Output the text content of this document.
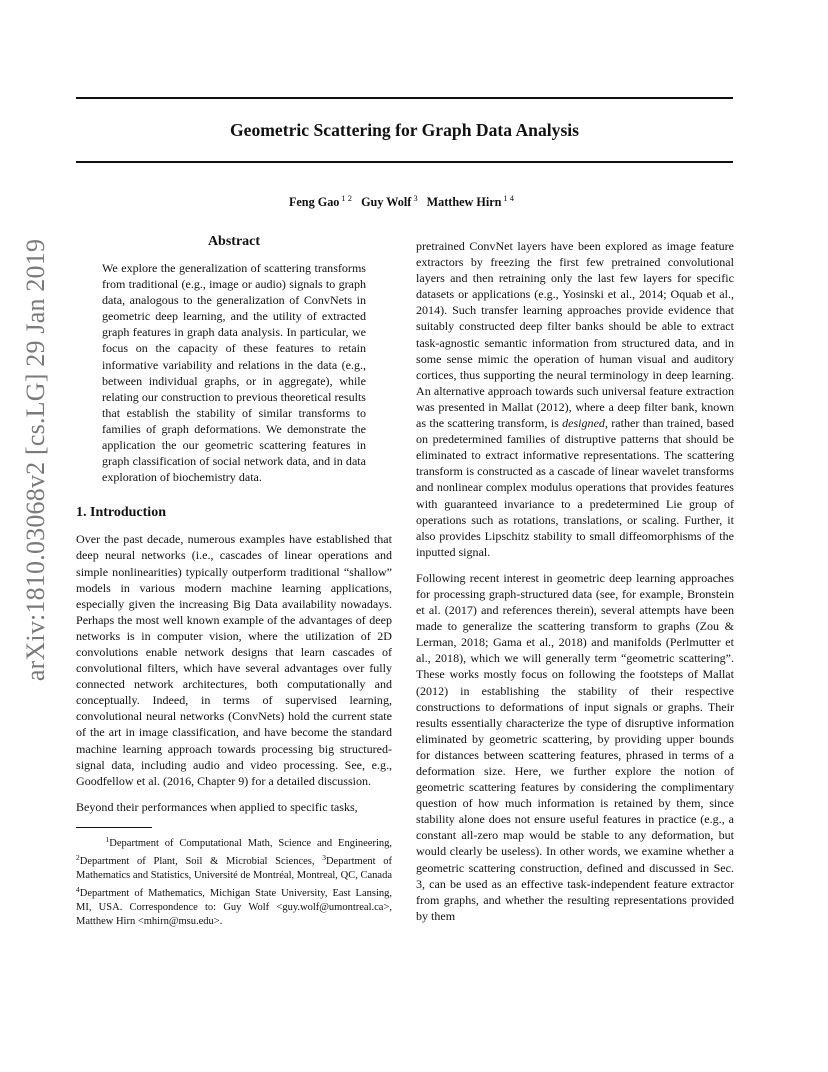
arXiv:1810.03068v2 [cs.LG] 29 Jan 2019
Geometric Scattering for Graph Data Analysis
Feng Gao $^{1 2}$ Guy Wolf $^3$ Matthew Hirn $^{1 4}$
Abstract

We explore the generalization of scattering transforms from traditional (e.g., image or audio) signals to graph data, analogous to the generalization of ConvNets in geometric deep learning, and the utility of extracted graph features in graph data analysis. In particular, we focus on the capacity of these features to retain informative variability and relations in the data (e.g., between individual graphs, or in aggregate), while relating our construction to previous theoretical results that establish the stability of similar transforms to families of graph deformations. We demonstrate the application the our geometric scattering features in graph classification of social network data, and in data exploration of biochemistry data.

1. Introduction

Over the past decade, numerous examples have established that deep neural networks (i.e., cascades of linear operations and simple nonlinearities) typically outperform traditional “shallow” models in various modern machine learning applications, especially given the increasing Big Data availability nowadays. Perhaps the most well known example of the advantages of deep networks is in computer vision, where the utilization of 2D convolutions enable network designs that learn cascades of convolutional filters, which have several advantages over fully connected network architectures, both computationally and conceptually. Indeed, in terms of supervised learning, convolutional neural networks (ConvNets) hold the current state of the art in image classification, and have become the standard machine learning approach towards processing big structured-signal data, including audio and video processing. See, e.g., Goodfellow et al. (2016, Chapter 9) for a detailed discussion.

Beyond their performances when applied to specific tasks,

$^1$Department of Computational Math, Science and Engineering, $^2$Department of Plant, Soil & Microbial Sciences, $^3$Department of Mathematics and Statistics, Université de Montréal, Montreal, QC, Canada $^4$Department of Mathematics, Michigan State University, East Lansing, MI, USA. Correspondence to: Guy Wolf <guy.wolf@umontreal.ca>, Matthew Hirn <mhirn@msu.edu>.

pretrained ConvNet layers have been explored as image feature extractors by freezing the first few pretrained convolutional layers and then retraining only the last few layers for specific datasets or applications (e.g., Yosinski et al., 2014; Oquab et al., 2014). Such transfer learning approaches provide evidence that suitably constructed deep filter banks should be able to extract task-agnostic semantic information from structured data, and in some sense mimic the operation of human visual and auditory cortices, thus supporting the neural terminology in deep learning. An alternative approach towards such universal feature extraction was presented in Mallat (2012), where a deep filter bank, known as the scattering transform, is designed, rather than trained, based on predetermined families of distruptive patterns that should be eliminated to extract informative representations. The scattering transform is constructed as a cascade of linear wavelet transforms and nonlinear complex modulus operations that provides features with guaranteed invariance to a predetermined Lie group of operations such as rotations, translations, or scaling. Further, it also provides Lipschitz stability to small diffeomorphisms of the inputted signal.

Following recent interest in geometric deep learning approaches for processing graph-structured data (see, for example, Bronstein et al. (2017) and references therein), several attempts have been made to generalize the scattering transform to graphs (Zou & Lerman, 2018; Gama et al., 2018) and manifolds (Perlmutter et al., 2018), which we will generally term “geometric scattering”. These works mostly focus on following the footsteps of Mallat (2012) in establishing the stability of their respective constructions to deformations of input signals or graphs. Their results essentially characterize the type of disruptive information eliminated by geometric scattering, by providing upper bounds for distances between scattering features, phrased in terms of a deformation size. Here, we further explore the notion of geometric scattering features by considering the complimentary question of how much information is retained by them, since stability alone does not ensure useful features in practice (e.g., a constant all-zero map would be stable to any deformation, but would clearly be useless). In other words, we examine whether a geometric scattering construction, defined and discussed in Sec. 3, can be used as an effective task-independent feature extractor from graphs, and whether the resulting representations provided by them
